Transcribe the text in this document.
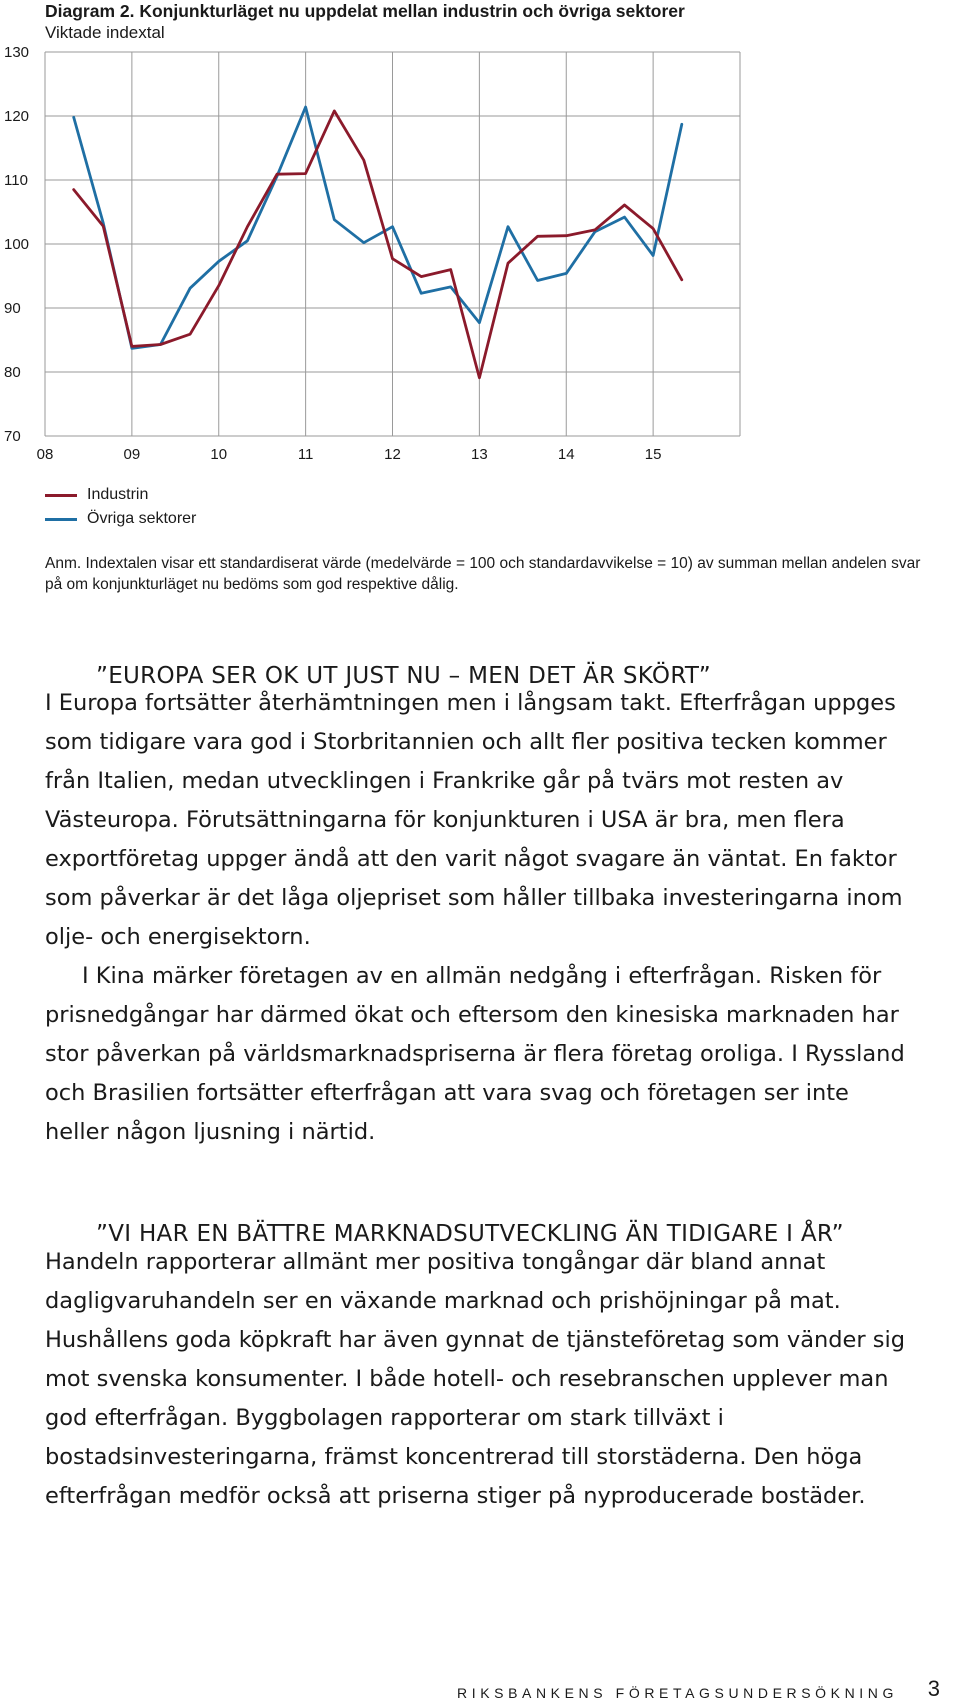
Diagram 2. Konjunkturläget nu uppdelat mellan industrin och övriga sektorer
Viktade indextal
70
80
90
100
110
120
130
08	09	10	11	12	13	14	15
Industrin
Övriga sektorer
Anm. Indextalen visar ett standardiserat värde (medelvärde = 100 och standardavvikelse = 10) av summan mellan andelen svar på om konjunkturläget nu bedöms som god respektive dålig.
”EUROPA SER OK UT JUST NU – MEN DET ÄR SKÖRT”

I Europa fortsätter återhämtningen men i långsam takt. Efterfrågan uppges som tidigare vara god i Storbritannien och allt fler positiva tecken kommer från Italien, medan utvecklingen i Frankrike går på tvärs mot resten av Västeuropa. Förutsättningarna för konjunkturen i USA är bra, men flera exportföretag uppger ändå att den varit något svagare än väntat. En faktor som påverkar är det låga oljepriset som håller tillbaka investeringarna inom olje- och energisektorn.

I Kina märker företagen av en allmän nedgång i efterfrågan. Risken för prisnedgångar har därmed ökat och eftersom den kinesiska marknaden har stor påverkan på världsmarknadspriserna är flera företag oroliga. I Ryssland och Brasilien fortsätter efterfrågan att vara svag och företagen ser inte heller någon ljusning i närtid.

”VI HAR EN BÄTTRE MARKNADSUTVECKLING ÄN TIDIGARE I ÅR”

Handeln rapporterar allmänt mer positiva tongångar där bland annat dagligvaruhandeln ser en växande marknad och prishöjningar på mat. Hushållens goda köpkraft har även gynnat de tjänsteföretag som vänder sig mot svenska konsumenter. I både hotell- och resebranschen upplever man god efterfrågan. Byggbolagen rapporterar om stark tillväxt i bostadsinvesteringarna, främst koncentrerad till storstäderna. Den höga efterfrågan medför också att priserna stiger på nyproducerade bostäder.

RIKSBANKENS FÖRETAGSUNDERSÖKNING 3
